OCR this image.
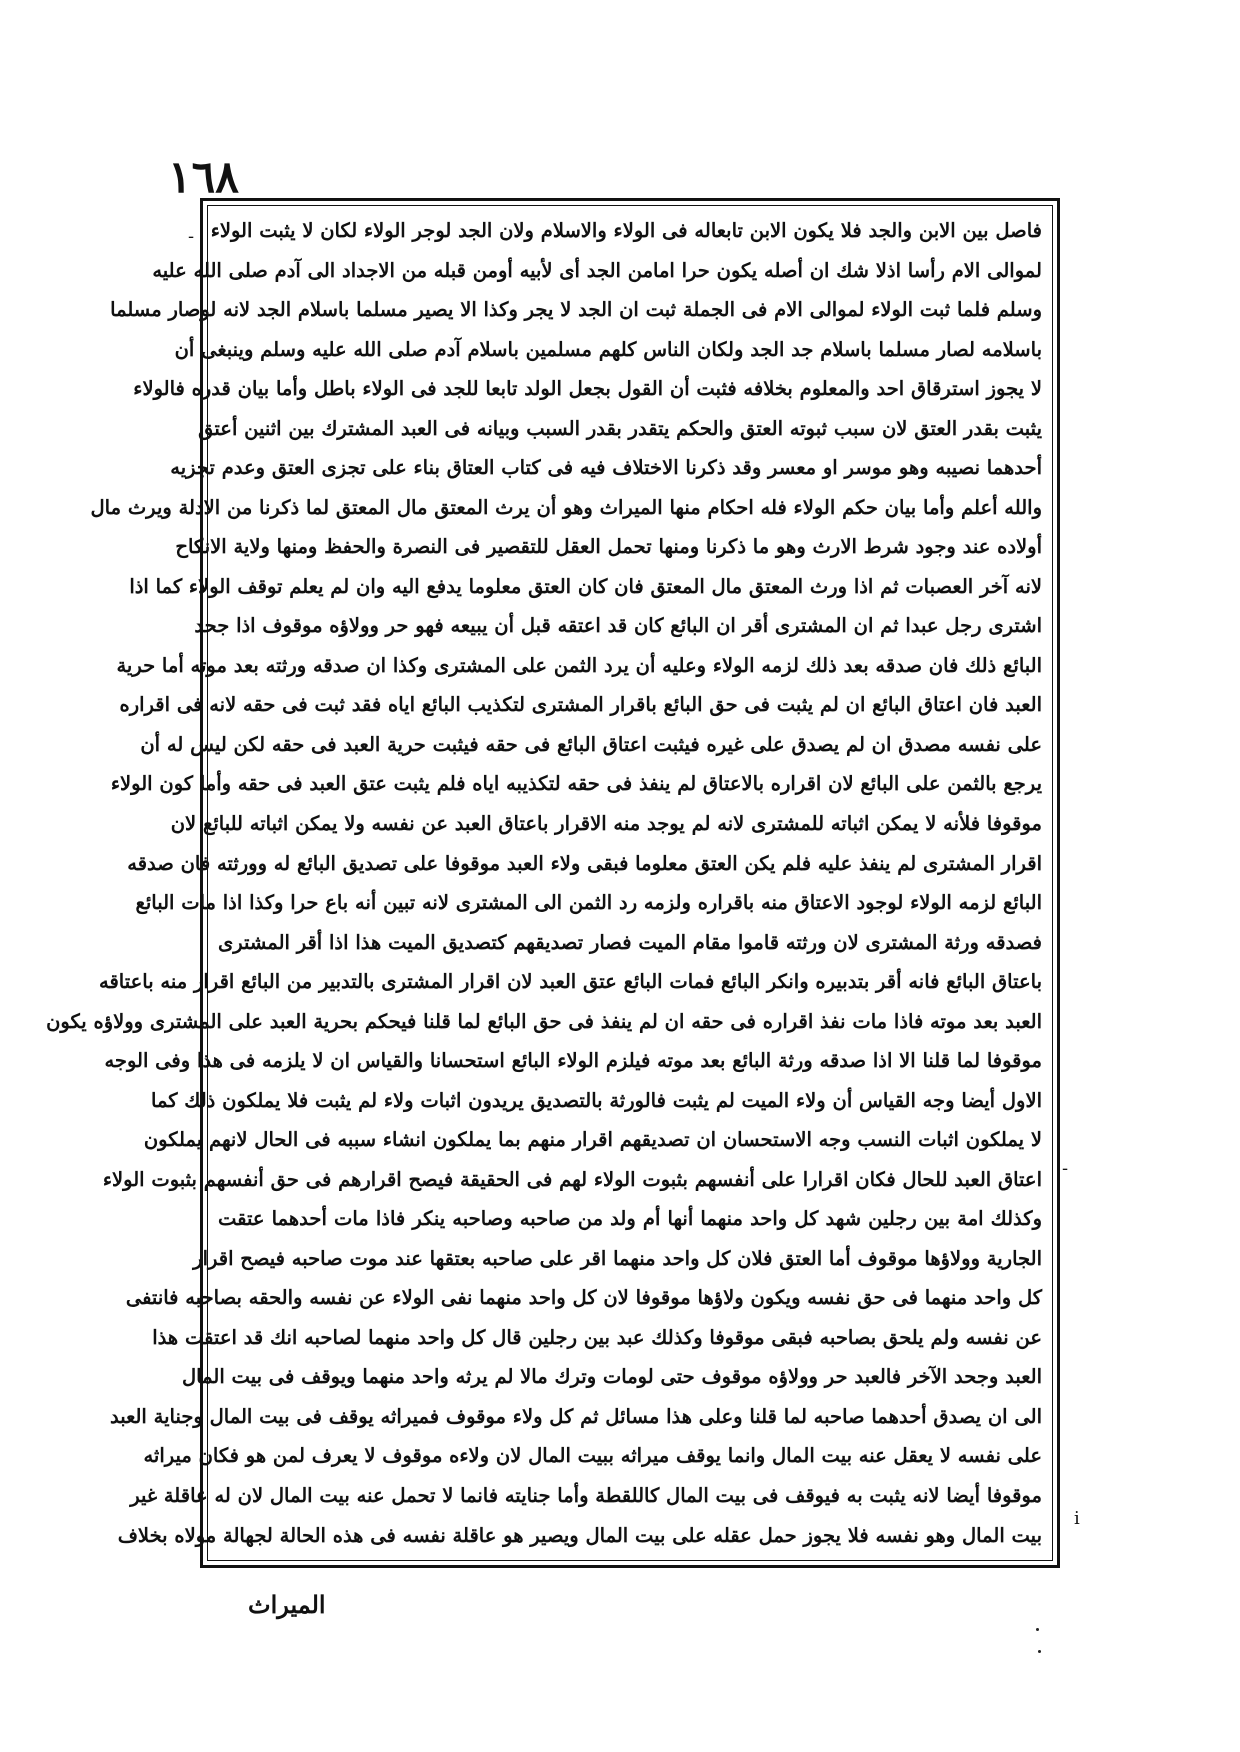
١٦٨
فاصل بين الابن والجد فلا يكون الابن تابعاله فى الولاء والاسلام ولان الجد لوجر الولاء لكان لا يثبت الولاء
لموالى الام رأسا اذلا شك ان أصله يكون حرا امامن الجد أى لأبيه أومن قبله من الاجداد الى آدم صلى الله عليه
وسلم فلما ثبت الولاء لموالى الام فى الجملة ثبت ان الجد لا يجر وكذا الا يصير مسلما باسلام الجد لانه لوصار مسلما
باسلامه لصار مسلما باسلام جد الجد ولكان الناس كلهم مسلمين باسلام آدم صلى الله عليه وسلم وينبغى أن
لا يجوز استرقاق احد والمعلوم بخلافه فثبت أن القول بجعل الولد تابعا للجد فى الولاء باطل وأما بيان قدره فالولاء
يثبت بقدر العتق لان سبب ثبوته العتق والحكم يتقدر بقدر السبب وبيانه فى العبد المشترك بين اثنين أعتق
أحدهما نصيبه وهو موسر او معسر وقد ذكرنا الاختلاف فيه فى كتاب العتاق بناء على تجزى العتق وعدم تجزيه
والله أعلم وأما بيان حكم الولاء فله احكام منها الميراث وهو أن يرث المعتق مال المعتق لما ذكرنا من الادلة ويرث مال
أولاده عند وجود شرط الارث وهو ما ذكرنا ومنها تحمل العقل للتقصير فى النصرة والحفظ ومنها ولاية الانكاح
لانه آخر العصبات ثم اذا ورث المعتق مال المعتق فان كان العتق معلوما يدفع اليه وان لم يعلم توقف الولاء كما اذا
اشترى رجل عبدا ثم ان المشترى أقر ان البائع كان قد اعتقه قبل أن يبيعه فهو حر وولاؤه موقوف اذا جحد
البائع ذلك فان صدقه بعد ذلك لزمه الولاء وعليه أن يرد الثمن على المشترى وكذا ان صدقه ورثته بعد موته أما حرية
العبد فان اعتاق البائع ان لم يثبت فى حق البائع باقرار المشترى لتكذيب البائع اياه فقد ثبت فى حقه لانه فى اقراره
على نفسه مصدق ان لم يصدق على غيره فيثبت اعتاق البائع فى حقه فيثبت حرية العبد فى حقه لكن ليس له أن
يرجع بالثمن على البائع لان اقراره بالاعتاق لم ينفذ فى حقه لتكذيبه اياه فلم يثبت عتق العبد فى حقه وأما كون الولاء
موقوفا فلأنه لا يمكن اثباته للمشترى لانه لم يوجد منه الاقرار باعتاق العبد عن نفسه ولا يمكن اثباته للبائع لان
اقرار المشترى لم ينفذ عليه فلم يكن العتق معلوما فبقى ولاء العبد موقوفا على تصديق البائع له وورثته فان صدقه
البائع لزمه الولاء لوجود الاعتاق منه باقراره ولزمه رد الثمن الى المشترى لانه تبين أنه باع حرا وكذا اذا مات البائع
فصدقه ورثة المشترى لان ورثته قاموا مقام الميت فصار تصديقهم كتصديق الميت هذا اذا أقر المشترى
باعتاق البائع فانه أقر بتدبيره وانكر البائع فمات البائع عتق العبد لان اقرار المشترى بالتدبير من البائع اقرار منه باعتاقه
العبد بعد موته فاذا مات نفذ اقراره فى حقه ان لم ينفذ فى حق البائع لما قلنا فيحكم بحرية العبد على المشترى وولاؤه يكون
موقوفا لما قلنا الا اذا صدقه ورثة البائع بعد موته فيلزم الولاء البائع استحسانا والقياس ان لا يلزمه فى هذا وفى الوجه
الاول أيضا وجه القياس أن ولاء الميت لم يثبت فالورثة بالتصديق يريدون اثبات ولاء لم يثبت فلا يملكون ذلك كما
لا يملكون اثبات النسب وجه الاستحسان ان تصديقهم اقرار منهم بما يملكون انشاء سببه فى الحال لانهم يملكون
اعتاق العبد للحال فكان اقرارا على أنفسهم بثبوت الولاء لهم فى الحقيقة فيصح اقرارهم فى حق أنفسهم بثبوت الولاء
وكذلك امة بين رجلين شهد كل واحد منهما أنها أم ولد من صاحبه وصاحبه ينكر فاذا مات أحدهما عتقت
الجارية وولاؤها موقوف أما العتق فلان كل واحد منهما اقر على صاحبه بعتقها عند موت صاحبه فيصح اقرار
كل واحد منهما فى حق نفسه ويكون ولاؤها موقوفا لان كل واحد منهما نفى الولاء عن نفسه والحقه بصاحبه فانتفى
عن نفسه ولم يلحق بصاحبه فبقى موقوفا وكذلك عبد بين رجلين قال كل واحد منهما لصاحبه انك قد اعتقت هذا
العبد وجحد الآخر فالعبد حر وولاؤه موقوف حتى لومات وترك مالا لم يرثه واحد منهما ويوقف فى بيت المال
الى ان يصدق أحدهما صاحبه لما قلنا وعلى هذا مسائل ثم كل ولاء موقوف فميراثه يوقف فى بيت المال وجناية العبد
على نفسه لا يعقل عنه بيت المال وانما يوقف ميراثه ببيت المال لان ولاءه موقوف لا يعرف لمن هو فكان ميراثه
موقوفا أيضا لانه يثبت به فيوقف فى بيت المال كاللقطة وأما جنايته فانما لا تحمل عنه بيت المال لان له عاقلة غير
بيت المال وهو نفسه فلا يجوز حمل عقله على بيت المال ويصير هو عاقلة نفسه فى هذه الحالة لجهالة مولاه بخلاف
الميراث
-
-
i
